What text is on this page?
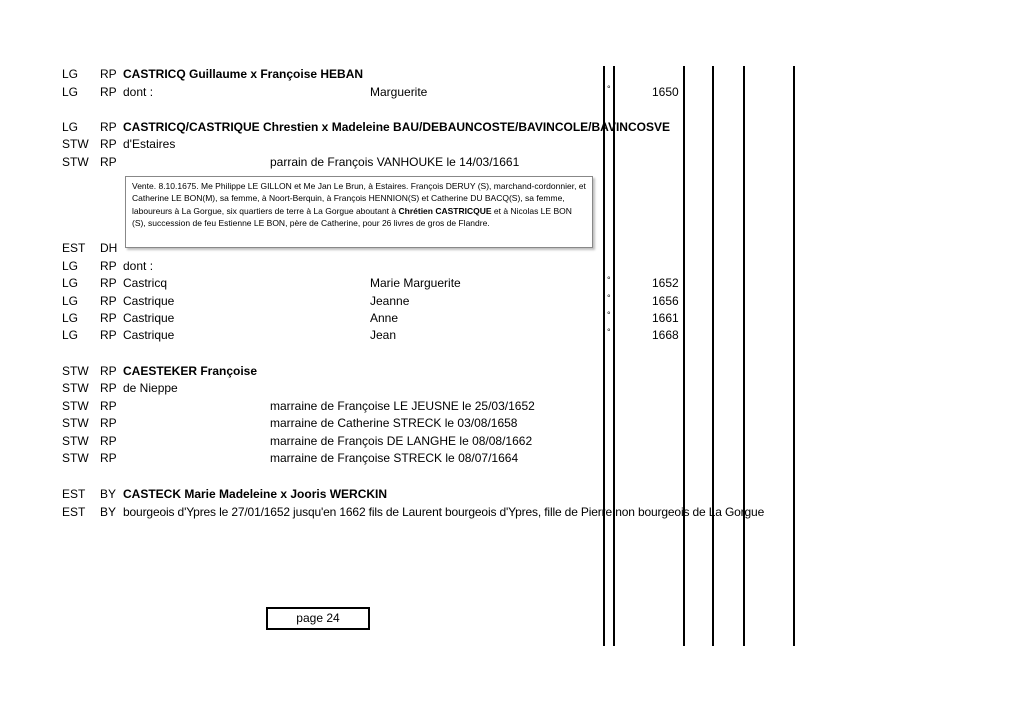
LG RP CASTRICQ Guillaume x Françoise HEBAN
LG RP dont :	Marguerite	°	1650
LG RP CASTRICQ/CASTRIQUE Chrestien x Madeleine BAU/DEBAUNCOSTE/BAVINCOLE/BAVINCOSVE
STW RP d'Estaires
STW RP	parrain de François VANHOUKE le 14/03/1661
EST DH
LG RP dont :
LG RP Castricq	Marie Marguerite	°	1652
LG RP Castrique	Jeanne	°	1656
LG RP Castrique	Anne	°	1661
LG RP Castrique	Jean	°	1668
STW RP CAESTEKER Françoise
STW RP de Nieppe
STW RP	marraine de Françoise LE JEUSNE le 25/03/1652
STW RP	marraine de Catherine STRECK le 03/08/1658
STW RP	marraine de François DE LANGHE le 08/08/1662
STW RP	marraine de Françoise STRECK le 08/07/1664
EST BY CASTECK Marie Madeleine x Jooris WERCKIN
EST BY bourgeois d'Ypres le 27/01/1652 jusqu'en 1662 fils de Laurent bourgeois d'Ypres, fille de Pierre non bourgeois de La Gorgue

Vente. 8.10.1675. Me Philippe LE GILLON et Me Jan Le Brun, à Estaires. François DERUY (S), marchand-cordonnier, et Catherine LE BON(M), sa femme, à Noort-Berquin, à François HENNION(S) et Catherine DU BACQ(S), sa femme, laboureurs à La Gorgue, six quartiers de terre à La Gorgue aboutant à Chrétien CASTRICQUE et à Nicolas LE BON (S), succession de feu Estienne LE BON, père de Catherine, pour 26 livres de gros de Flandre.

page 24
